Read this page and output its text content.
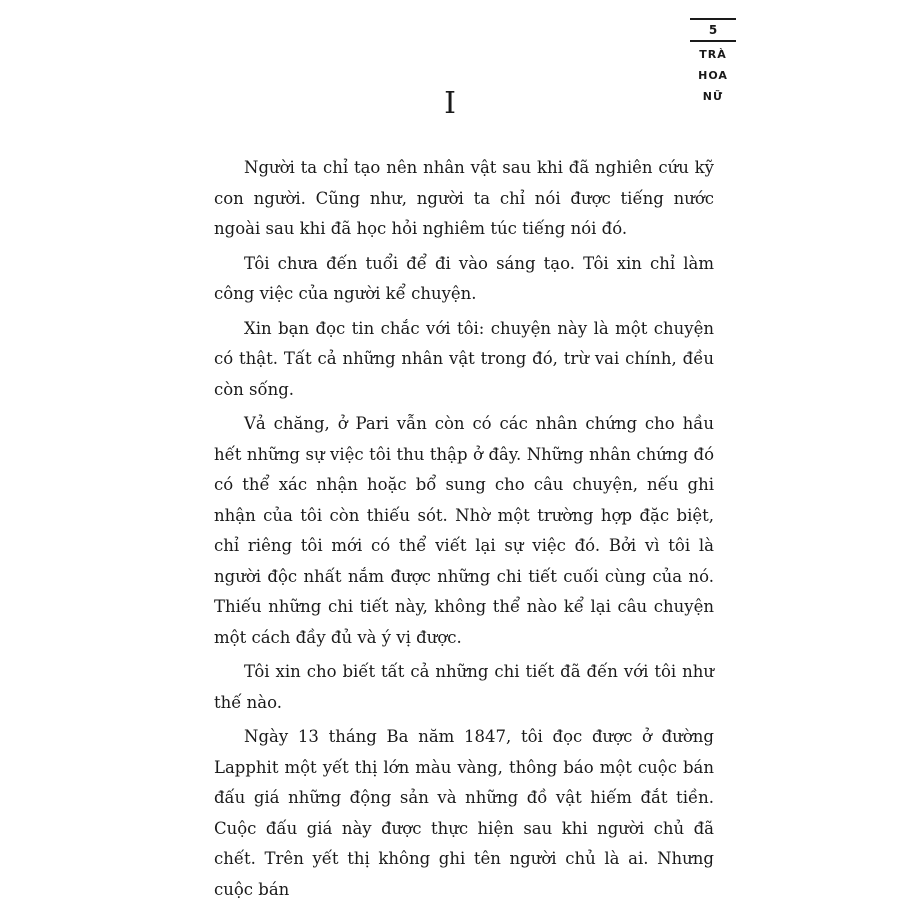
5
TRÀ
HOA
NỮ
I

Người ta chỉ tạo nên nhân vật sau khi đã nghiên cứu kỹ con người. Cũng như, người ta chỉ nói được tiếng nước ngoài sau khi đã học hỏi nghiêm túc tiếng nói đó.

Tôi chưa đến tuổi để đi vào sáng tạo. Tôi xin chỉ làm công việc của người kể chuyện.

Xin bạn đọc tin chắc với tôi: chuyện này là một chuyện có thật. Tất cả những nhân vật trong đó, trừ vai chính, đều còn sống.

Vả chăng, ở Pari vẫn còn có các nhân chứng cho hầu hết những sự việc tôi thu thập ở đây. Những nhân chứng đó có thể xác nhận hoặc bổ sung cho câu chuyện, nếu ghi nhận của tôi còn thiếu sót. Nhờ một trường hợp đặc biệt, chỉ riêng tôi mới có thể viết lại sự việc đó. Bởi vì tôi là người độc nhất nắm được những chi tiết cuối cùng của nó. Thiếu những chi tiết này, không thể nào kể lại câu chuyện một cách đầy đủ và ý vị được.

Tôi xin cho biết tất cả những chi tiết đã đến với tôi như thế nào.

Ngày 13 tháng Ba năm 1847, tôi đọc được ở đường Lapphit một yết thị lớn màu vàng, thông báo một cuộc bán đấu giá những động sản và những đồ vật hiếm đắt tiền. Cuộc đấu giá này được thực hiện sau khi người chủ đã chết. Trên yết thị không ghi tên người chủ là ai. Nhưng cuộc bán
